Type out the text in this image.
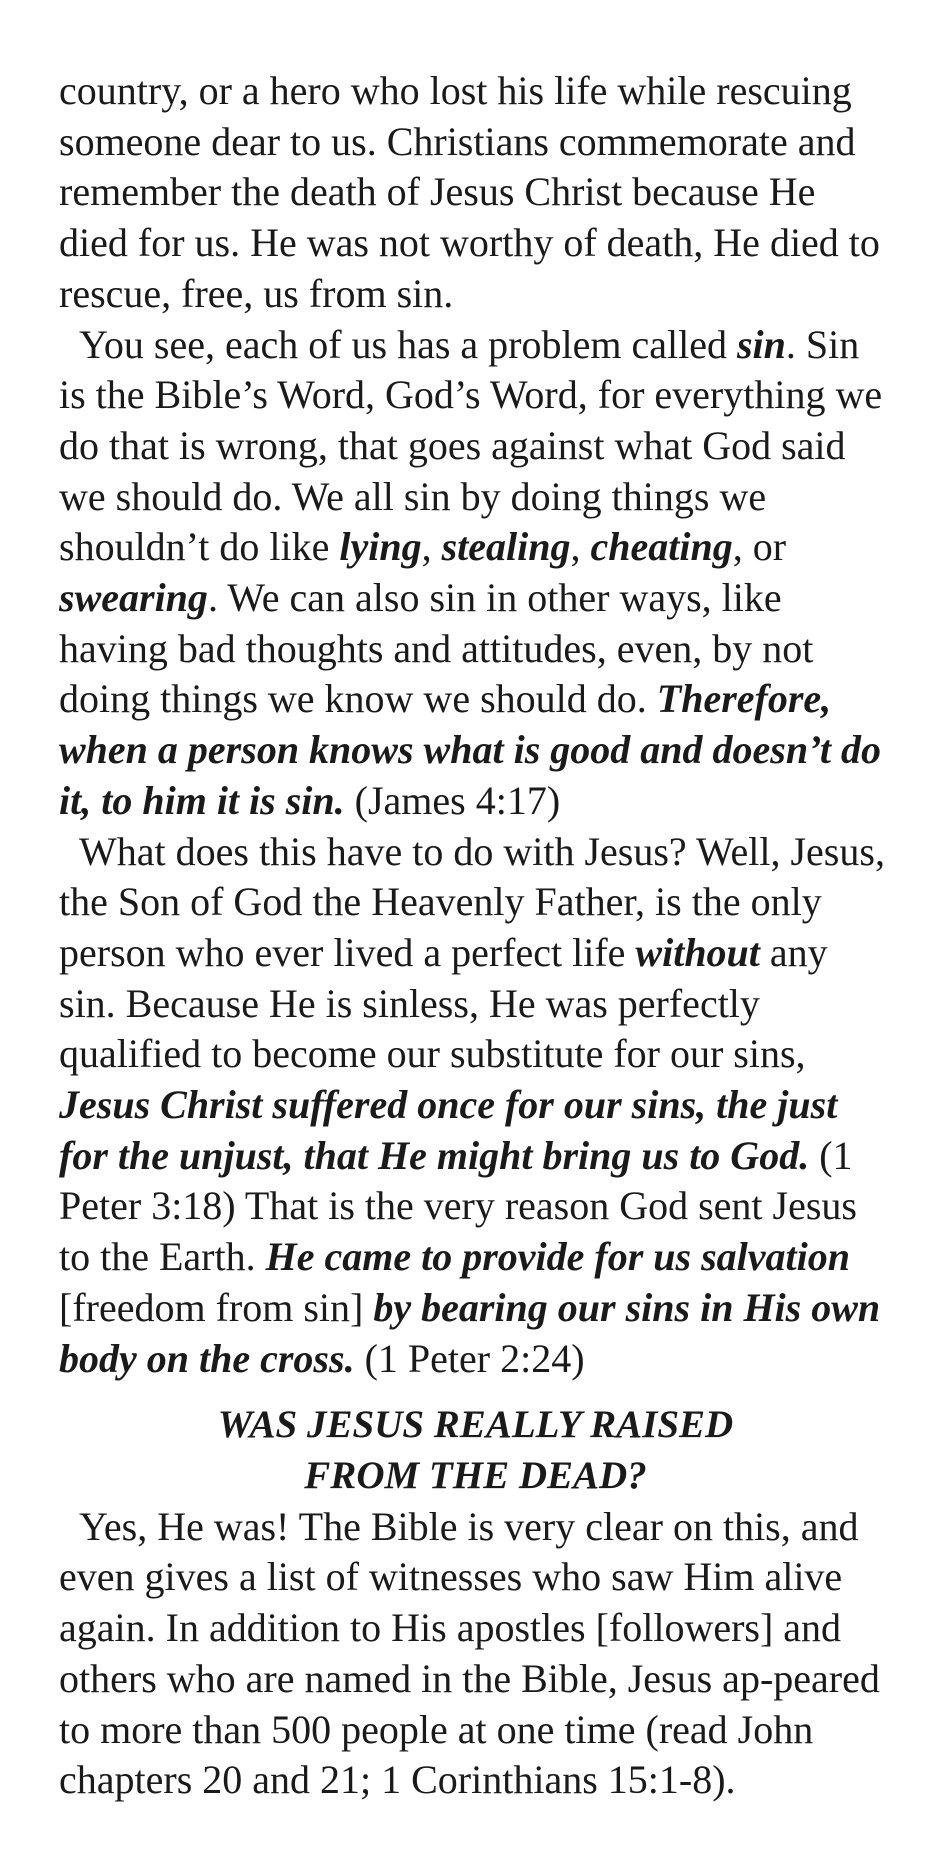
country, or a hero who lost his life while rescuing someone dear to us. Christians commemorate and remember the death of Jesus Christ because He died for us. He was not worthy of death, He died to rescue, free, us from sin.

You see, each of us has a problem called sin. Sin is the Bible’s Word, God’s Word, for everything we do that is wrong, that goes against what God said we should do. We all sin by doing things we shouldn’t do like lying, stealing, cheating, or swearing. We can also sin in other ways, like having bad thoughts and attitudes, even, by not doing things we know we should do. Therefore, when a person knows what is good and doesn’t do it, to him it is sin. (James 4:17)

What does this have to do with Jesus? Well, Jesus, the Son of God the Heavenly Father, is the only person who ever lived a perfect life without any sin. Because He is sinless, He was perfectly qualified to become our substitute for our sins, Jesus Christ suffered once for our sins, the just for the unjust, that He might bring us to God. (1 Peter 3:18) That is the very reason God sent Jesus to the Earth. He came to provide for us salvation [freedom from sin] by bearing our sins in His own body on the cross. (1 Peter 2:24)

WAS JESUS REALLY RAISED
FROM THE DEAD?

Yes, He was! The Bible is very clear on this, and even gives a list of witnesses who saw Him alive again. In addition to His apostles [followers] and others who are named in the Bible, Jesus ap-peared to more than 500 people at one time (read John chapters 20 and 21; 1 Corinthians 15:1-8).
